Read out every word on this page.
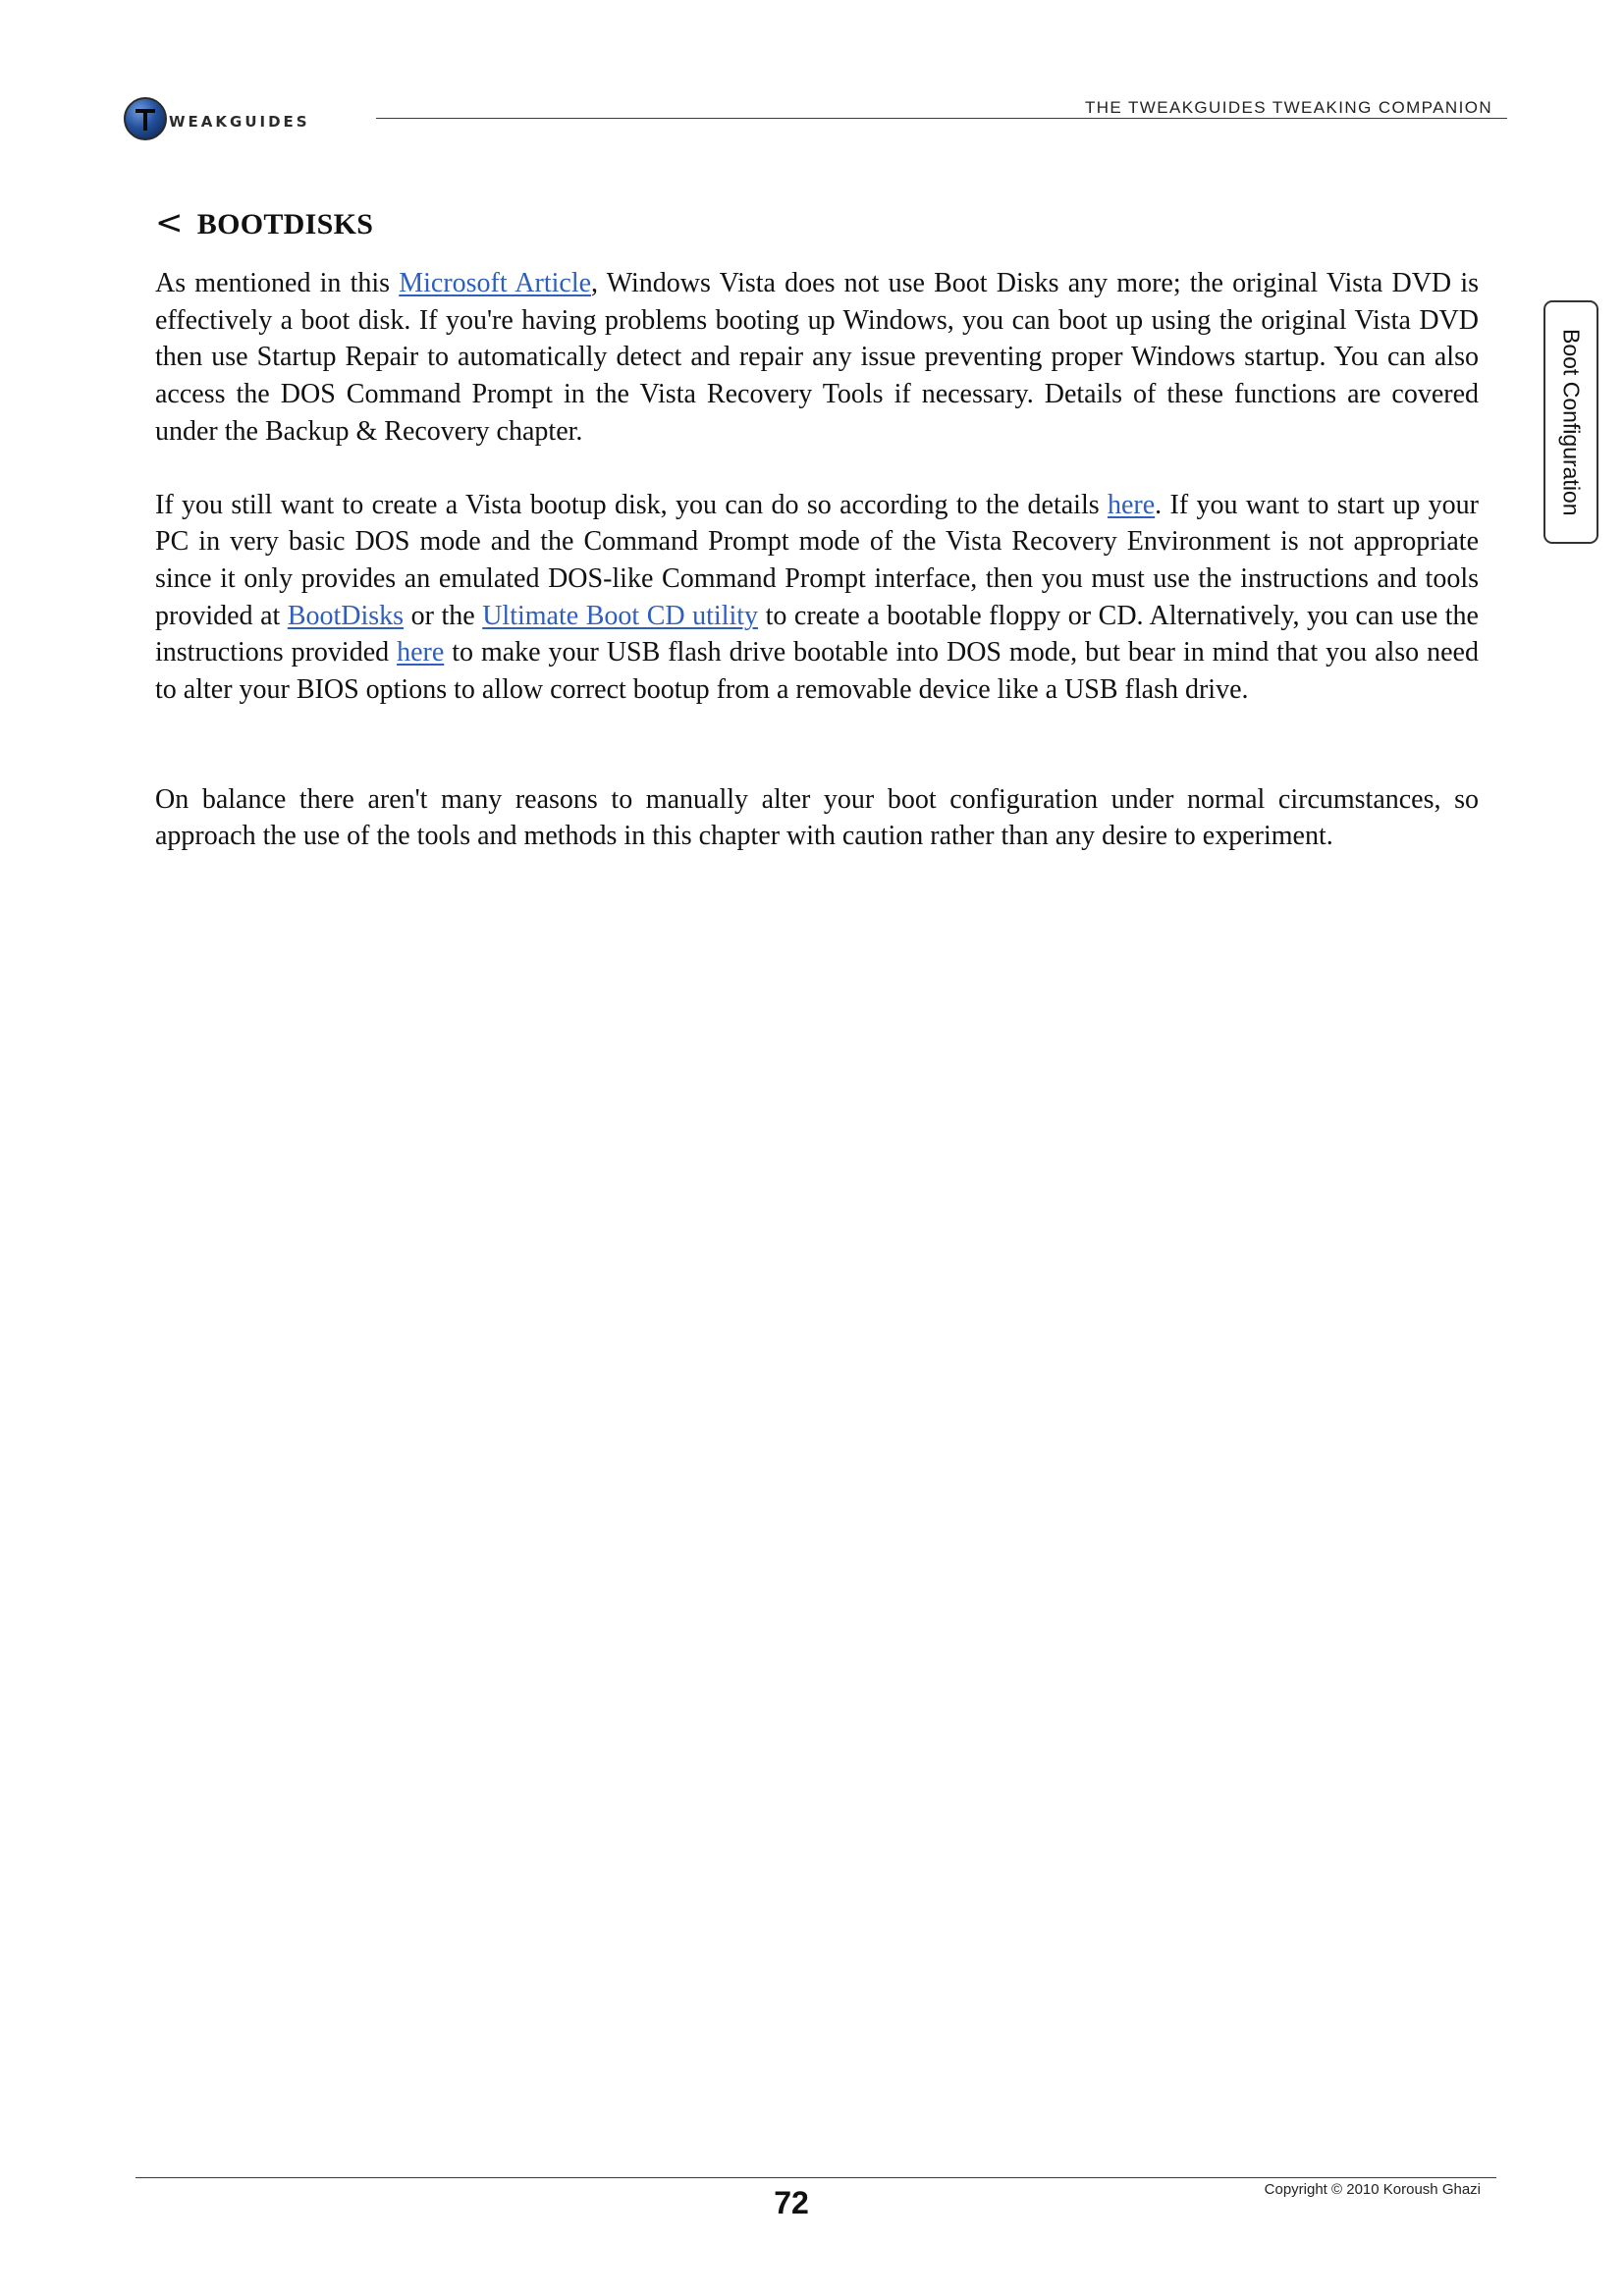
WEAKGUIDES
THE TWEAKGUIDES TWEAKING COMPANION
Boot Configuration
< BOOTDISKS

As mentioned in this Microsoft Article, Windows Vista does not use Boot Disks any more; the original Vista DVD is effectively a boot disk. If you're having problems booting up Windows, you can boot up using the original Vista DVD then use Startup Repair to automatically detect and repair any issue preventing proper Windows startup. You can also access the DOS Command Prompt in the Vista Recovery Tools if necessary. Details of these functions are covered under the Backup & Recovery chapter.

If you still want to create a Vista bootup disk, you can do so according to the details here. If you want to start up your PC in very basic DOS mode and the Command Prompt mode of the Vista Recovery Environment is not appropriate since it only provides an emulated DOS-like Command Prompt interface, then you must use the instructions and tools provided at BootDisks or the Ultimate Boot CD utility to create a bootable floppy or CD. Alternatively, you can use the instructions provided here to make your USB flash drive bootable into DOS mode, but bear in mind that you also need to alter your BIOS options to allow correct bootup from a removable device like a USB flash drive.

On balance there aren't many reasons to manually alter your boot configuration under normal circumstances, so approach the use of the tools and methods in this chapter with caution rather than any desire to experiment.

72	Copyright © 2010 Koroush Ghazi
